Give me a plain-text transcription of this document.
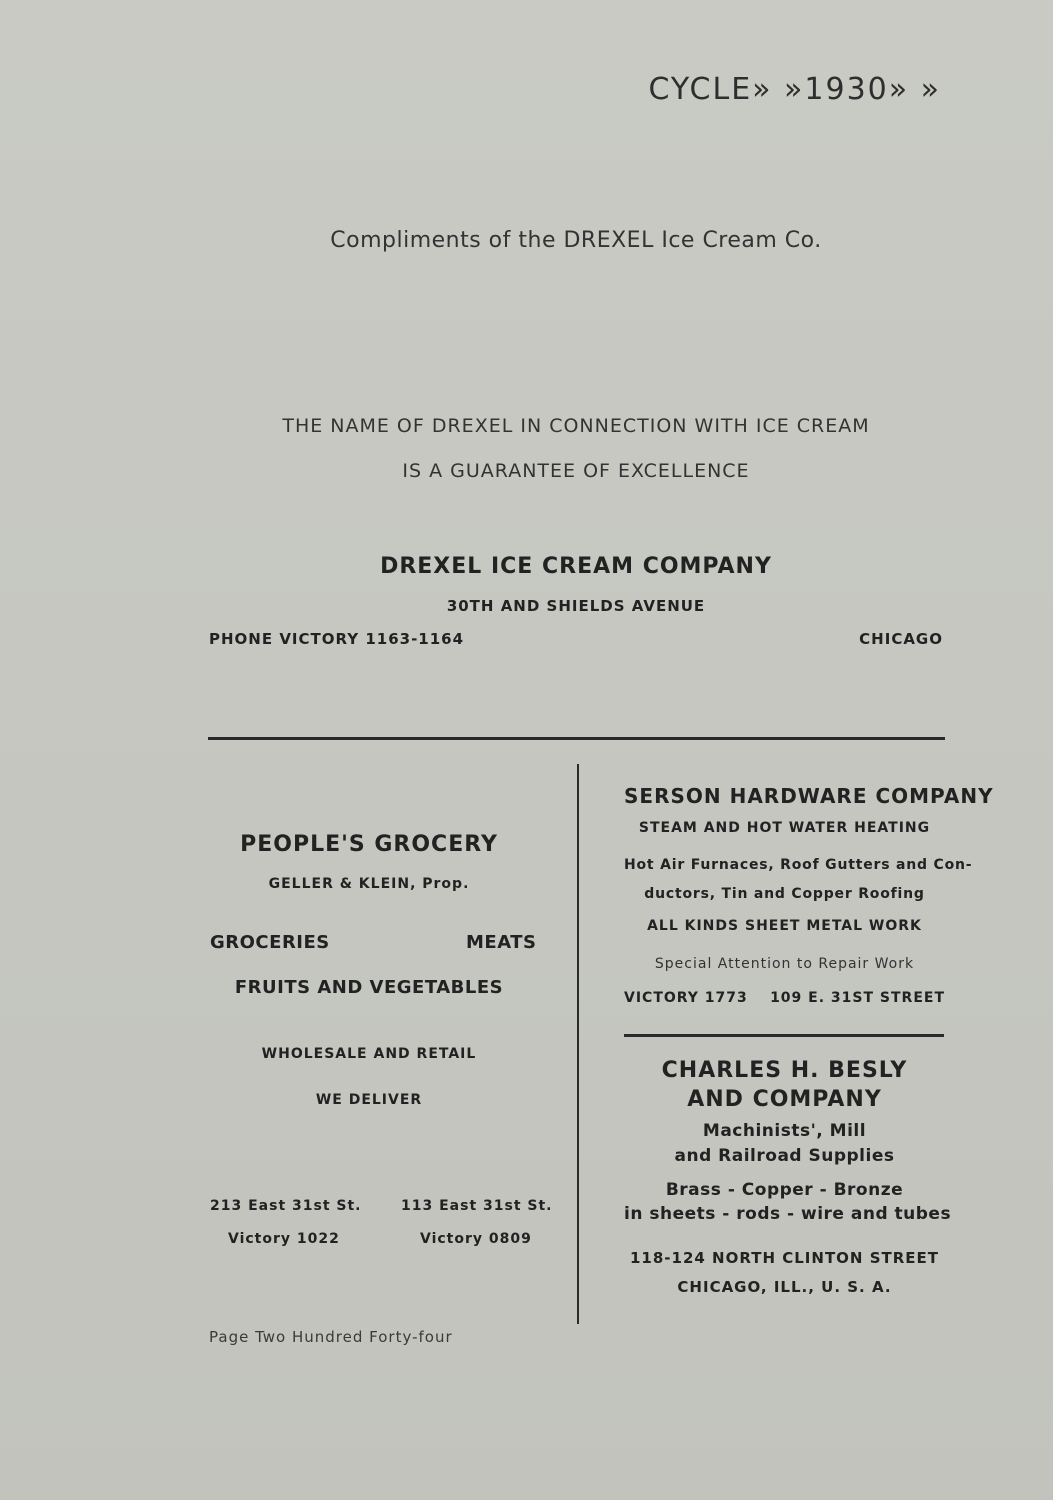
CYCLE» »1930» »
Compliments of the DREXEL Ice Cream Co.
THE NAME OF DREXEL IN CONNECTION WITH ICE CREAM
IS A GUARANTEE OF EXCELLENCE
DREXEL ICE CREAM COMPANY
30TH AND SHIELDS AVENUE
PHONE VICTORY 1163-1164	CHICAGO
PEOPLE'S GROCERY
GELLER & KLEIN, Prop.
GROCERIES	MEATS
FRUITS AND VEGETABLES
WHOLESALE AND RETAIL
WE DELIVER
213 East 31st St.
Victory 1022
113 East 31st St.
Victory 0809
SERSON HARDWARE COMPANY
STEAM AND HOT WATER HEATING
Hot Air Furnaces, Roof Gutters and Con-
ductors, Tin and Copper Roofing
ALL KINDS SHEET METAL WORK
Special Attention to Repair Work
VICTORY 1773 109 E. 31ST STREET
CHARLES H. BESLY
AND COMPANY
Machinists', Mill
and Railroad Supplies
Brass - Copper - Bronze
in sheets - rods - wire and tubes
118-124 NORTH CLINTON STREET
CHICAGO, ILL., U. S. A.
Page Two Hundred Forty-four
